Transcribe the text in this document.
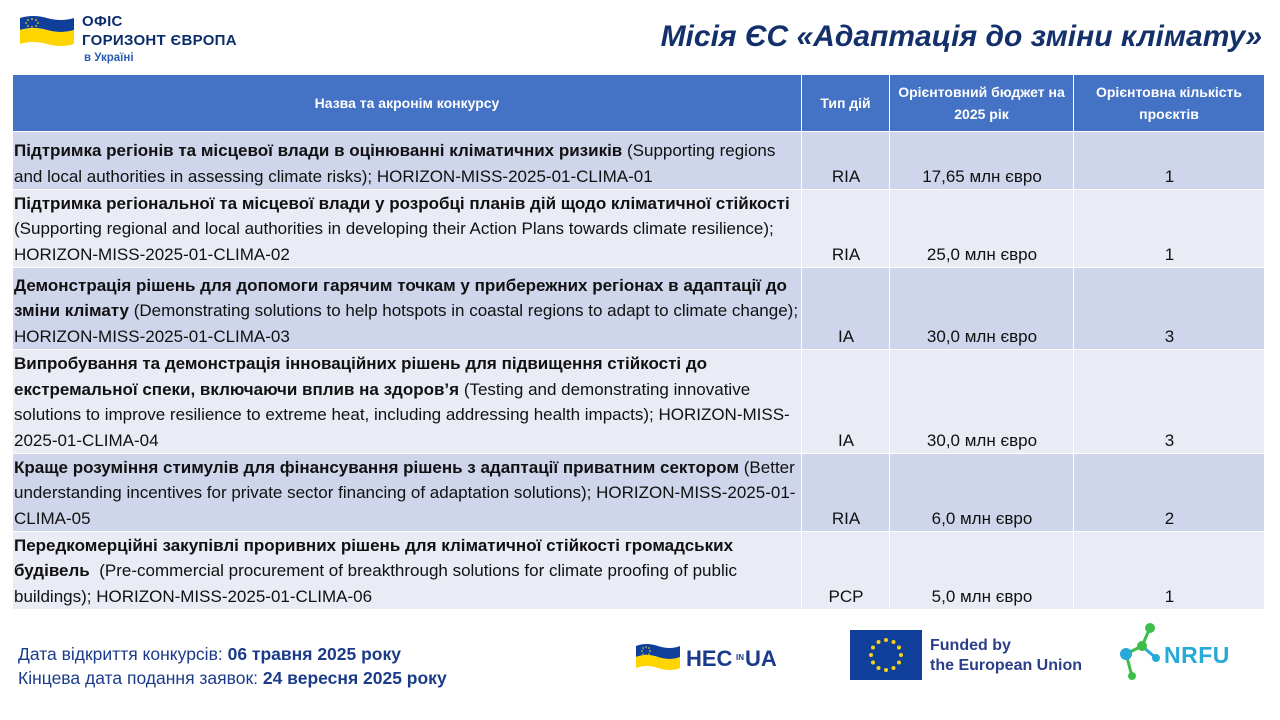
ОФІС
ГОРИЗОНТ ЄВРОПА
в Україні
Місія ЄС «Адаптація до зміни клімату»
Назва та акронім конкурсу	Тип дій	Орієнтовний бюджет на 2025 рік	Орієнтовна кількість проєктів
Підтримка регіонів та місцевої влади в оцінюванні кліматичних ризиків (Supporting regions and local authorities in assessing climate risks); HORIZON-MISS-2025-01-CLIMA-01	RIA	17,65 млн євро	1
Підтримка регіональної та місцевої влади у розробці планів дій щодо кліматичної стійкості (Supporting regional and local authorities in developing their Action Plans towards climate resilience); HORIZON-MISS-2025-01-CLIMA-02	RIA	25,0 млн євро	1
Демонстрація рішень для допомоги гарячим точкам у прибережних регіонах в адаптації до зміни клімату (Demonstrating solutions to help hotspots in coastal regions to adapt to climate change); HORIZON-MISS-2025-01-CLIMA-03	IA	30,0 млн євро	3
Випробування та демонстрація інноваційних рішень для підвищення стійкості до екстремальної спеки, включаючи вплив на здоров’я (Testing and demonstrating innovative solutions to improve resilience to extreme heat, including addressing health impacts); HORIZON-MISS-2025-01-CLIMA-04	IA	30,0 млн євро	3
Краще розуміння стимулів для фінансування рішень з адаптації приватним сектором (Better understanding incentives for private sector financing of adaptation solutions); HORIZON-MISS-2025-01-CLIMA-05	RIA	6,0 млн євро	2
Передкомерційні закупівлі проривних рішень для кліматичної стійкості громадських будівель  (Pre-commercial procurement of breakthrough solutions for climate proofing of public buildings); HORIZON-MISS-2025-01-CLIMA-06	PCP	5,0 млн євро	1
Дата відкриття конкурсів: 06 травня 2025 року
Кінцева дата подання заявок: 24 вересня 2025 року
HEC IN UA
Funded by
the European Union	NRFU
